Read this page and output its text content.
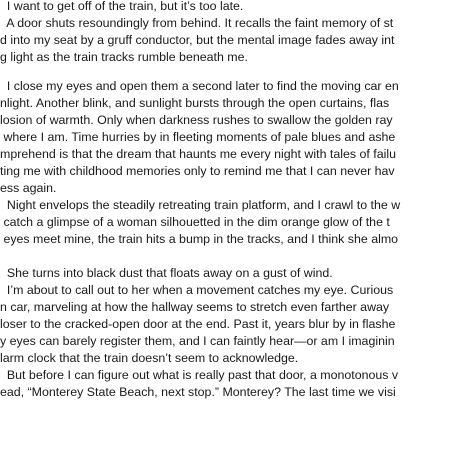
I want to get off of the train, but it’s too late.
A door shuts resoundingly from behind. It recalls the faint memory of st
d into my seat by a gruff conductor, but the mental image fades away int
g light as the train tracks rumble beneath me.
I close my eyes and open them a second later to find the moving car en
nlight. Another blink, and sunlight bursts through the open curtains, flas
losion of warmth. Only when darkness rushes to swallow the golden ray
where I am. Time hurries by in fleeting moments of pale blues and ashe
mprehend is that the dream that haunts me every night with tales of failu
ting me with childhood memories only to remind me that I can never hav
ess again.
Night envelops the steadily retreating train platform, and I crawl to the w
catch a glimpse of a woman silhouetted in the dim orange glow of the t
eyes meet mine, the train hits a bump in the tracks, and I think she almo
She turns into black dust that floats away on a gust of wind.
I’m about to call out to her when a movement catches my eye. Curious
n car, marveling at how the hallway seems to stretch even farther away
loser to the cracked-open door at the end. Past it, years blur by in flashe
y eyes can barely register them, and I can faintly hear—or am I imaginin
larm clock that the train doesn’t seem to acknowledge.
But before I can figure out what is really past that door, a monotonous v
ead, “Monterey State Beach, next stop.” Monterey? The last time we visi
